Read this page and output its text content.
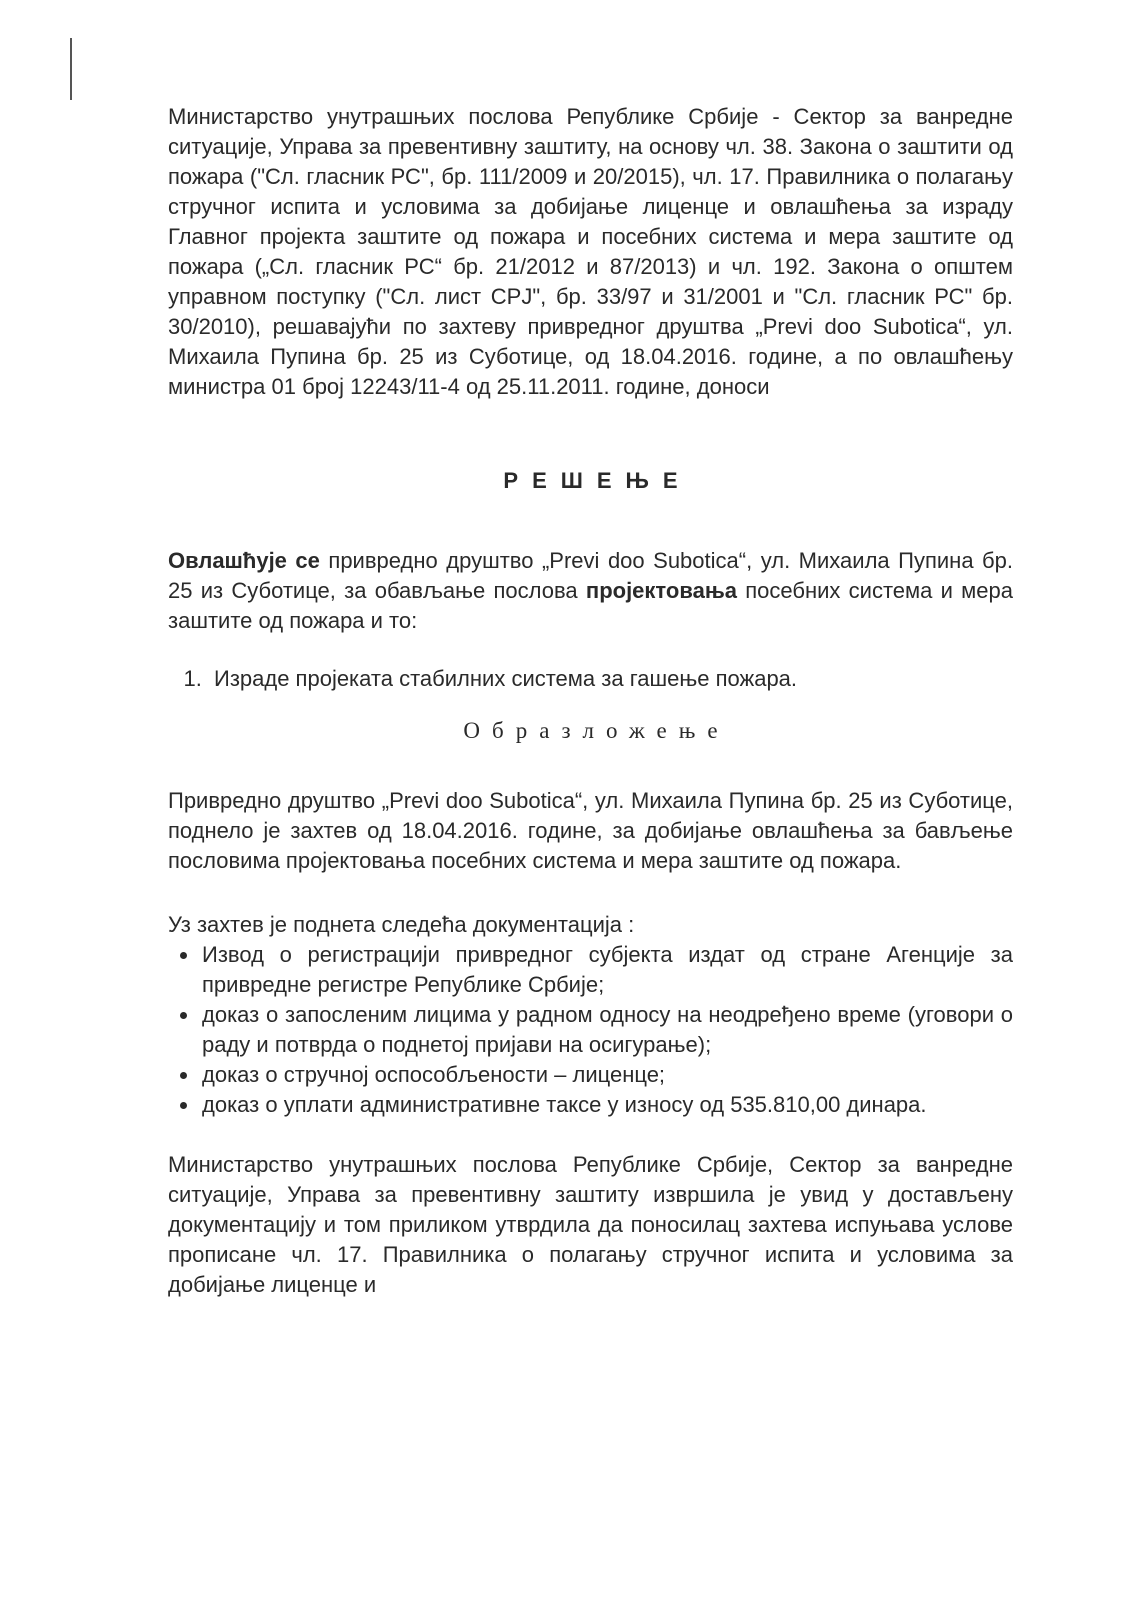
Министарство унутрашњих послова Републике Србије - Сектор за ванредне ситуације, Управа за превентивну заштиту, на основу чл. 38. Закона о заштити од пожара ("Сл. гласник РС", бр. 111/2009 и 20/2015), чл. 17. Правилника о полагању стручног испита и условима за добијање лиценце и овлашћења за израду Главног пројекта заштите од пожара и посебних система и мера заштите од пожара („Сл. гласник РС“ бр. 21/2012 и 87/2013) и чл. 192. Закона о општем управном поступку ("Сл. лист СРЈ", бр. 33/97 и 31/2001 и "Сл. гласник РС" бр. 30/2010), решавајући по захтеву привредног друштва „Previ doo Subotica“, ул. Михаила Пупина бр. 25 из Суботице, од 18.04.2016. године, а по овлашћењу министра 01 број 12243/11-4 од 25.11.2011. године, доноси

РЕШЕЊЕ

Овлашћује се привредно друштво „Previ doo Subotica“, ул. Михаила Пупина бр. 25 из Суботице, за обављање послова пројектовања посебних система и мера заштите од пожара и то:

1. Израде пројеката стабилних система за гашење пожара.
Образложење

Привредно друштво „Previ doo Subotica“, ул. Михаила Пупина бр. 25 из Суботице, поднело је захтев од 18.04.2016. године, за добијање овлашћења за бављење пословима пројектовања посебних система и мера заштите од пожара.

Уз захтев је поднета следећа документација :

• Извод о регистрацији привредног субјекта издат од стране Агенције за привредне регистре Републике Србије;
• доказ о запосленим лицима у радном односу на неодређено време (уговори о раду и потврда о поднетој пријави на осигурање);
• доказ о стручној оспособљености – лиценце;
• доказ о уплати административне таксе у износу од 535.810,00 динара.

Министарство унутрашњих послова Републике Србије, Сектор за ванредне ситуације, Управа за превентивну заштиту извршила је увид у достављену документацију и том приликом утврдила да поносилац захтева испуњава услове прописане чл. 17. Правилника о полагању стручног испита и условима за добијање лиценце и
